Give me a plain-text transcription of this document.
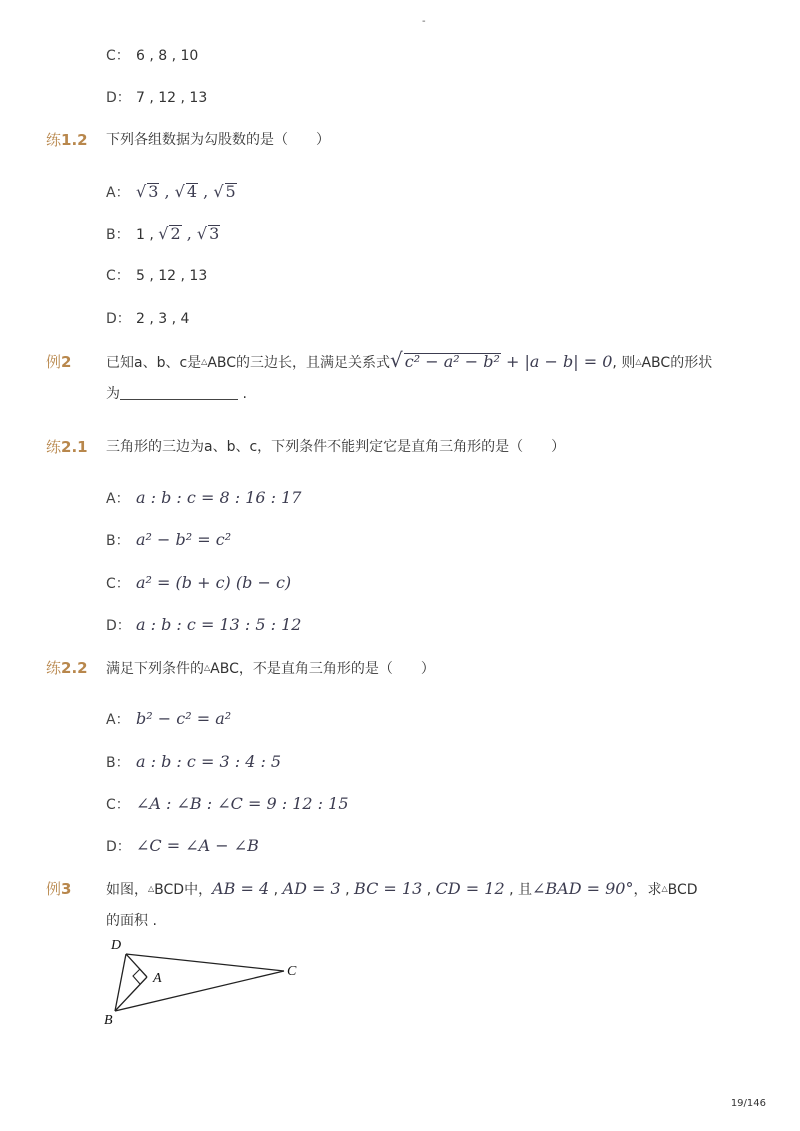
-
C： 6 , 8 , 10
D： 7 , 12 , 13
练1.2 下列各组数据为勾股数的是（　　）
A： √ 3 , √ 4 , √ 5
B： 1 , √ 2 , √ 3
C： 5 , 12 , 13
D： 2 , 3 , 4
例2 已知a、b、c是△ABC的三边长，且满足关系式√ c² − a² − b² + |a − b| = 0, 则△ABC的形状
为	.
练2.1 三角形的三边为a、b、c，下列条件不能判定它是直角三角形的是（　　）
A： a : b : c = 8 : 16 : 17
B： a² − b² = c²
C： a² = (b + c) (b − c)
D： a : b : c = 13 : 5 : 12
练2.2 满足下列条件的△ABC，不是直角三角形的是（　　）
A： b² − c² = a²
B： a : b : c = 3 : 4 : 5
C： ∠A : ∠B : ∠C = 9 : 12 : 15
D： ∠C = ∠A − ∠B
例3 如图，△BCD中，AB = 4 , AD = 3 , BC = 13 , CD = 12 , 且∠BAD = 90°，求△BCD
的面积 .
D
A
B
C
19/146
